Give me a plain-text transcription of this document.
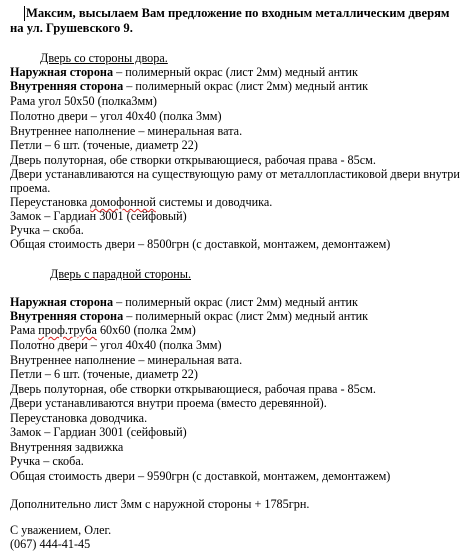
Максим, высылаем Вам предложение по входным металлическим дверям
на ул. Грушевского 9.
Дверь со стороны двора.
Наружная сторона – полимерный окрас (лист 2мм) медный антик
Внутренняя сторона – полимерный окрас (лист 2мм) медный антик
Рама угол 50х50 (полка3мм)
Полотно двери – угол 40х40 (полка 3мм)
Внутреннее наполнение – минеральная вата.
Петли – 6 шт. (точеные, диаметр 22)
Дверь полуторная, обе створки открывающиеся, рабочая права - 85см.
Двери устанавливаются на существующую раму от металлопластиковой двери внутри
проема.
Переустановка домофонной системы и доводчика.
Замок – Гардиан 3001 (сейфовый)
Ручка – скоба.
Общая стоимость двери – 8500грн (с доставкой, монтажем, демонтажем)
Дверь с парадной стороны.
Наружная сторона – полимерный окрас (лист 2мм) медный антик
Внутренняя сторона – полимерный окрас (лист 2мм) медный антик
Рама проф.труба 60х60 (полка 2мм)
Полотно двери – угол 40х40 (полка 3мм)
Внутреннее наполнение – минеральная вата.
Петли – 6 шт. (точеные, диаметр 22)
Дверь полуторная, обе створки открывающиеся, рабочая права - 85см.
Двери устанавливаются внутри проема (вместо деревянной).
Переустановка доводчика.
Замок – Гардиан 3001 (сейфовый)
Внутренняя задвижка
Ручка – скоба.
Общая стоимость двери – 9590грн (с доставкой, монтажем, демонтажем)
Дополнительно лист 3мм с наружной стороны + 1785грн.
С уважением, Олег.
(067) 444-41-45
